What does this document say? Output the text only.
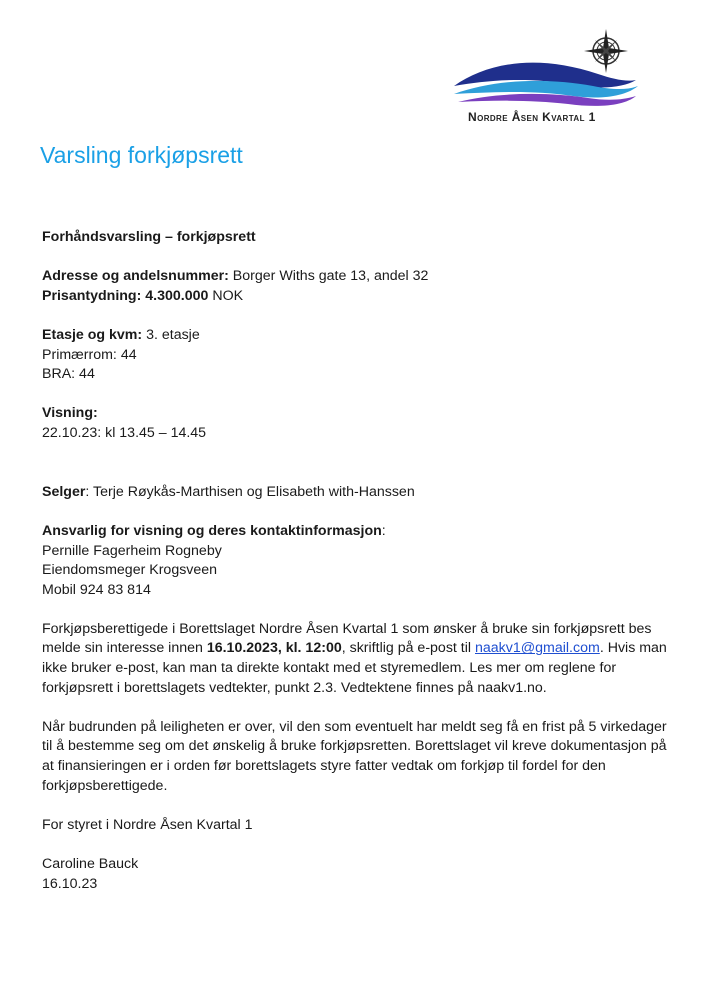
Nordre Åsen Kvartal 1
Varsling forkjøpsrett

Forhåndsvarsling – forkjøpsrett

Adresse og andelsnummer: Borger Withs gate 13, andel 32

Prisantydning: 4.300.000 NOK

Etasje og kvm: 3. etasje

Primærrom: 44

BRA: 44

Visning:

22.10.23: kl 13.45 – 14.45

Selger: Terje Røykås-Marthisen og Elisabeth with-Hanssen

Ansvarlig for visning og deres kontaktinformasjon:

Pernille Fagerheim Rogneby

Eiendomsmeger Krogsveen

Mobil 924 83 814

Forkjøpsberettigede i Borettslaget Nordre Åsen Kvartal 1 som ønsker å bruke sin forkjøpsrett bes melde sin interesse innen 16.10.2023, kl. 12:00, skriftlig på e-post til naakv1@gmail.com. Hvis man ikke bruker e-post, kan man ta direkte kontakt med et styremedlem. Les mer om reglene for forkjøpsrett i borettslagets vedtekter, punkt 2.3. Vedtektene finnes på naakv1.no.

Når budrunden på leiligheten er over, vil den som eventuelt har meldt seg få en frist på 5 virkedager til å bestemme seg om det ønskelig å bruke forkjøpsretten. Borettslaget vil kreve dokumentasjon på at finansieringen er i orden før borettslagets styre fatter vedtak om forkjøp til fordel for den forkjøpsberettigede.

For styret i Nordre Åsen Kvartal 1

Caroline Bauck

16.10.23
